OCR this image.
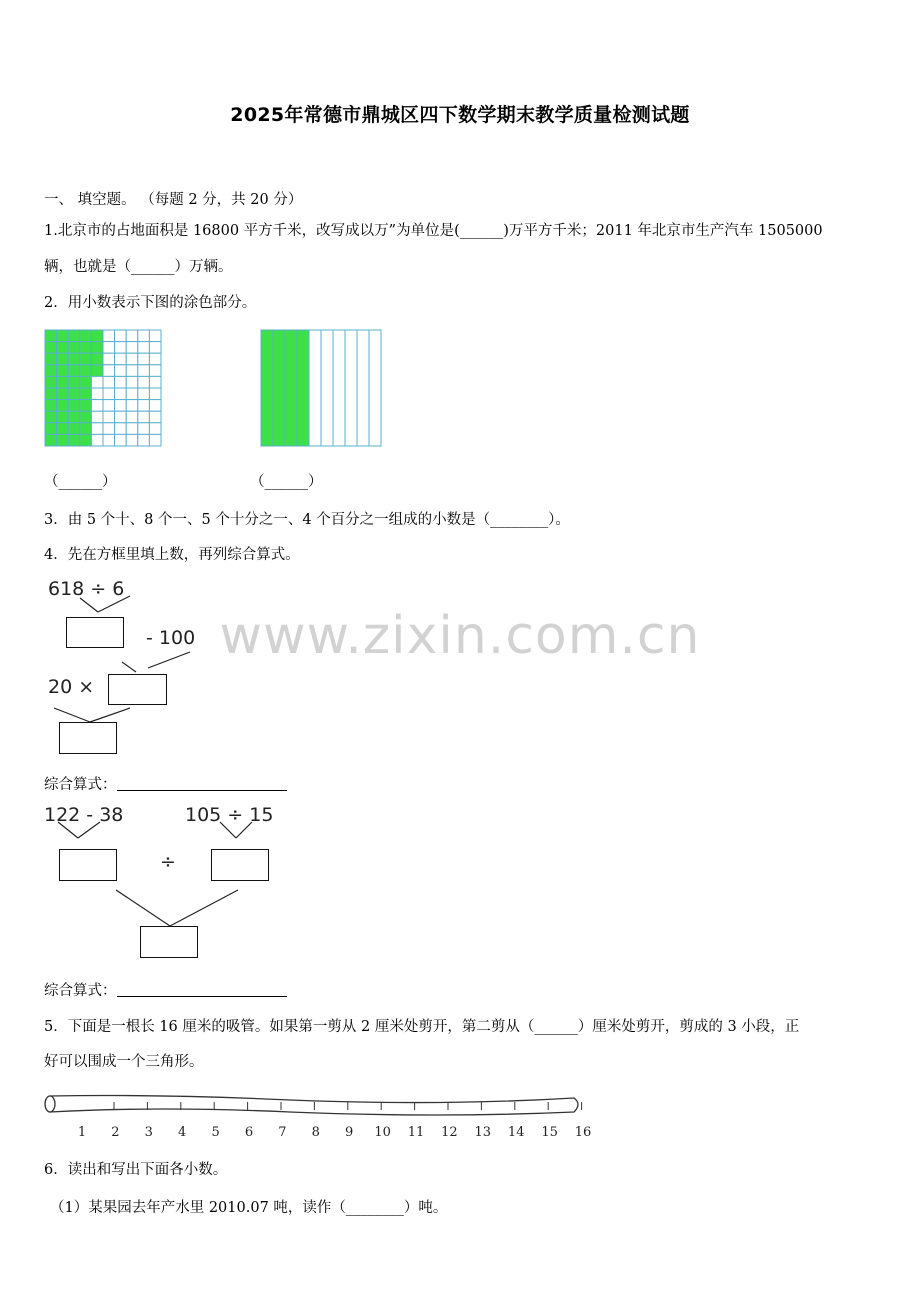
2025年常德市鼎城区四下数学期末教学质量检测试题
www.zixin.com.cn
一、 填空题。 （每题 2 分，共 20 分）
1.北京市的占地面积是 16800 平方千米，改写成以万”为单位是(______)万平方千米；2011 年北京市生产汽车 1505000
辆，也就是（______）万辆。
2．用小数表示下图的涂色部分。
（______）	（______）
3．由 5 个十、8 个一、5 个十分之一、4 个百分之一组成的小数是（________）。
4．先在方框里填上数，再列综合算式。
618 ÷ 6
- 100
20 ×
综合算式：
122 - 38	105 ÷ 15
÷
综合算式：
5．下面是一根长 16 厘米的吸管。如果第一剪从 2 厘米处剪开，第二剪从（______）厘米处剪开，剪成的 3 小段，正
好可以围成一个三角形。
1 2 3 4 5 6 7 8 9 10 11 12 13 14 15 16
6．读出和写出下面各小数。
（1）某果园去年产水里 2010.07 吨，读作（________）吨。
